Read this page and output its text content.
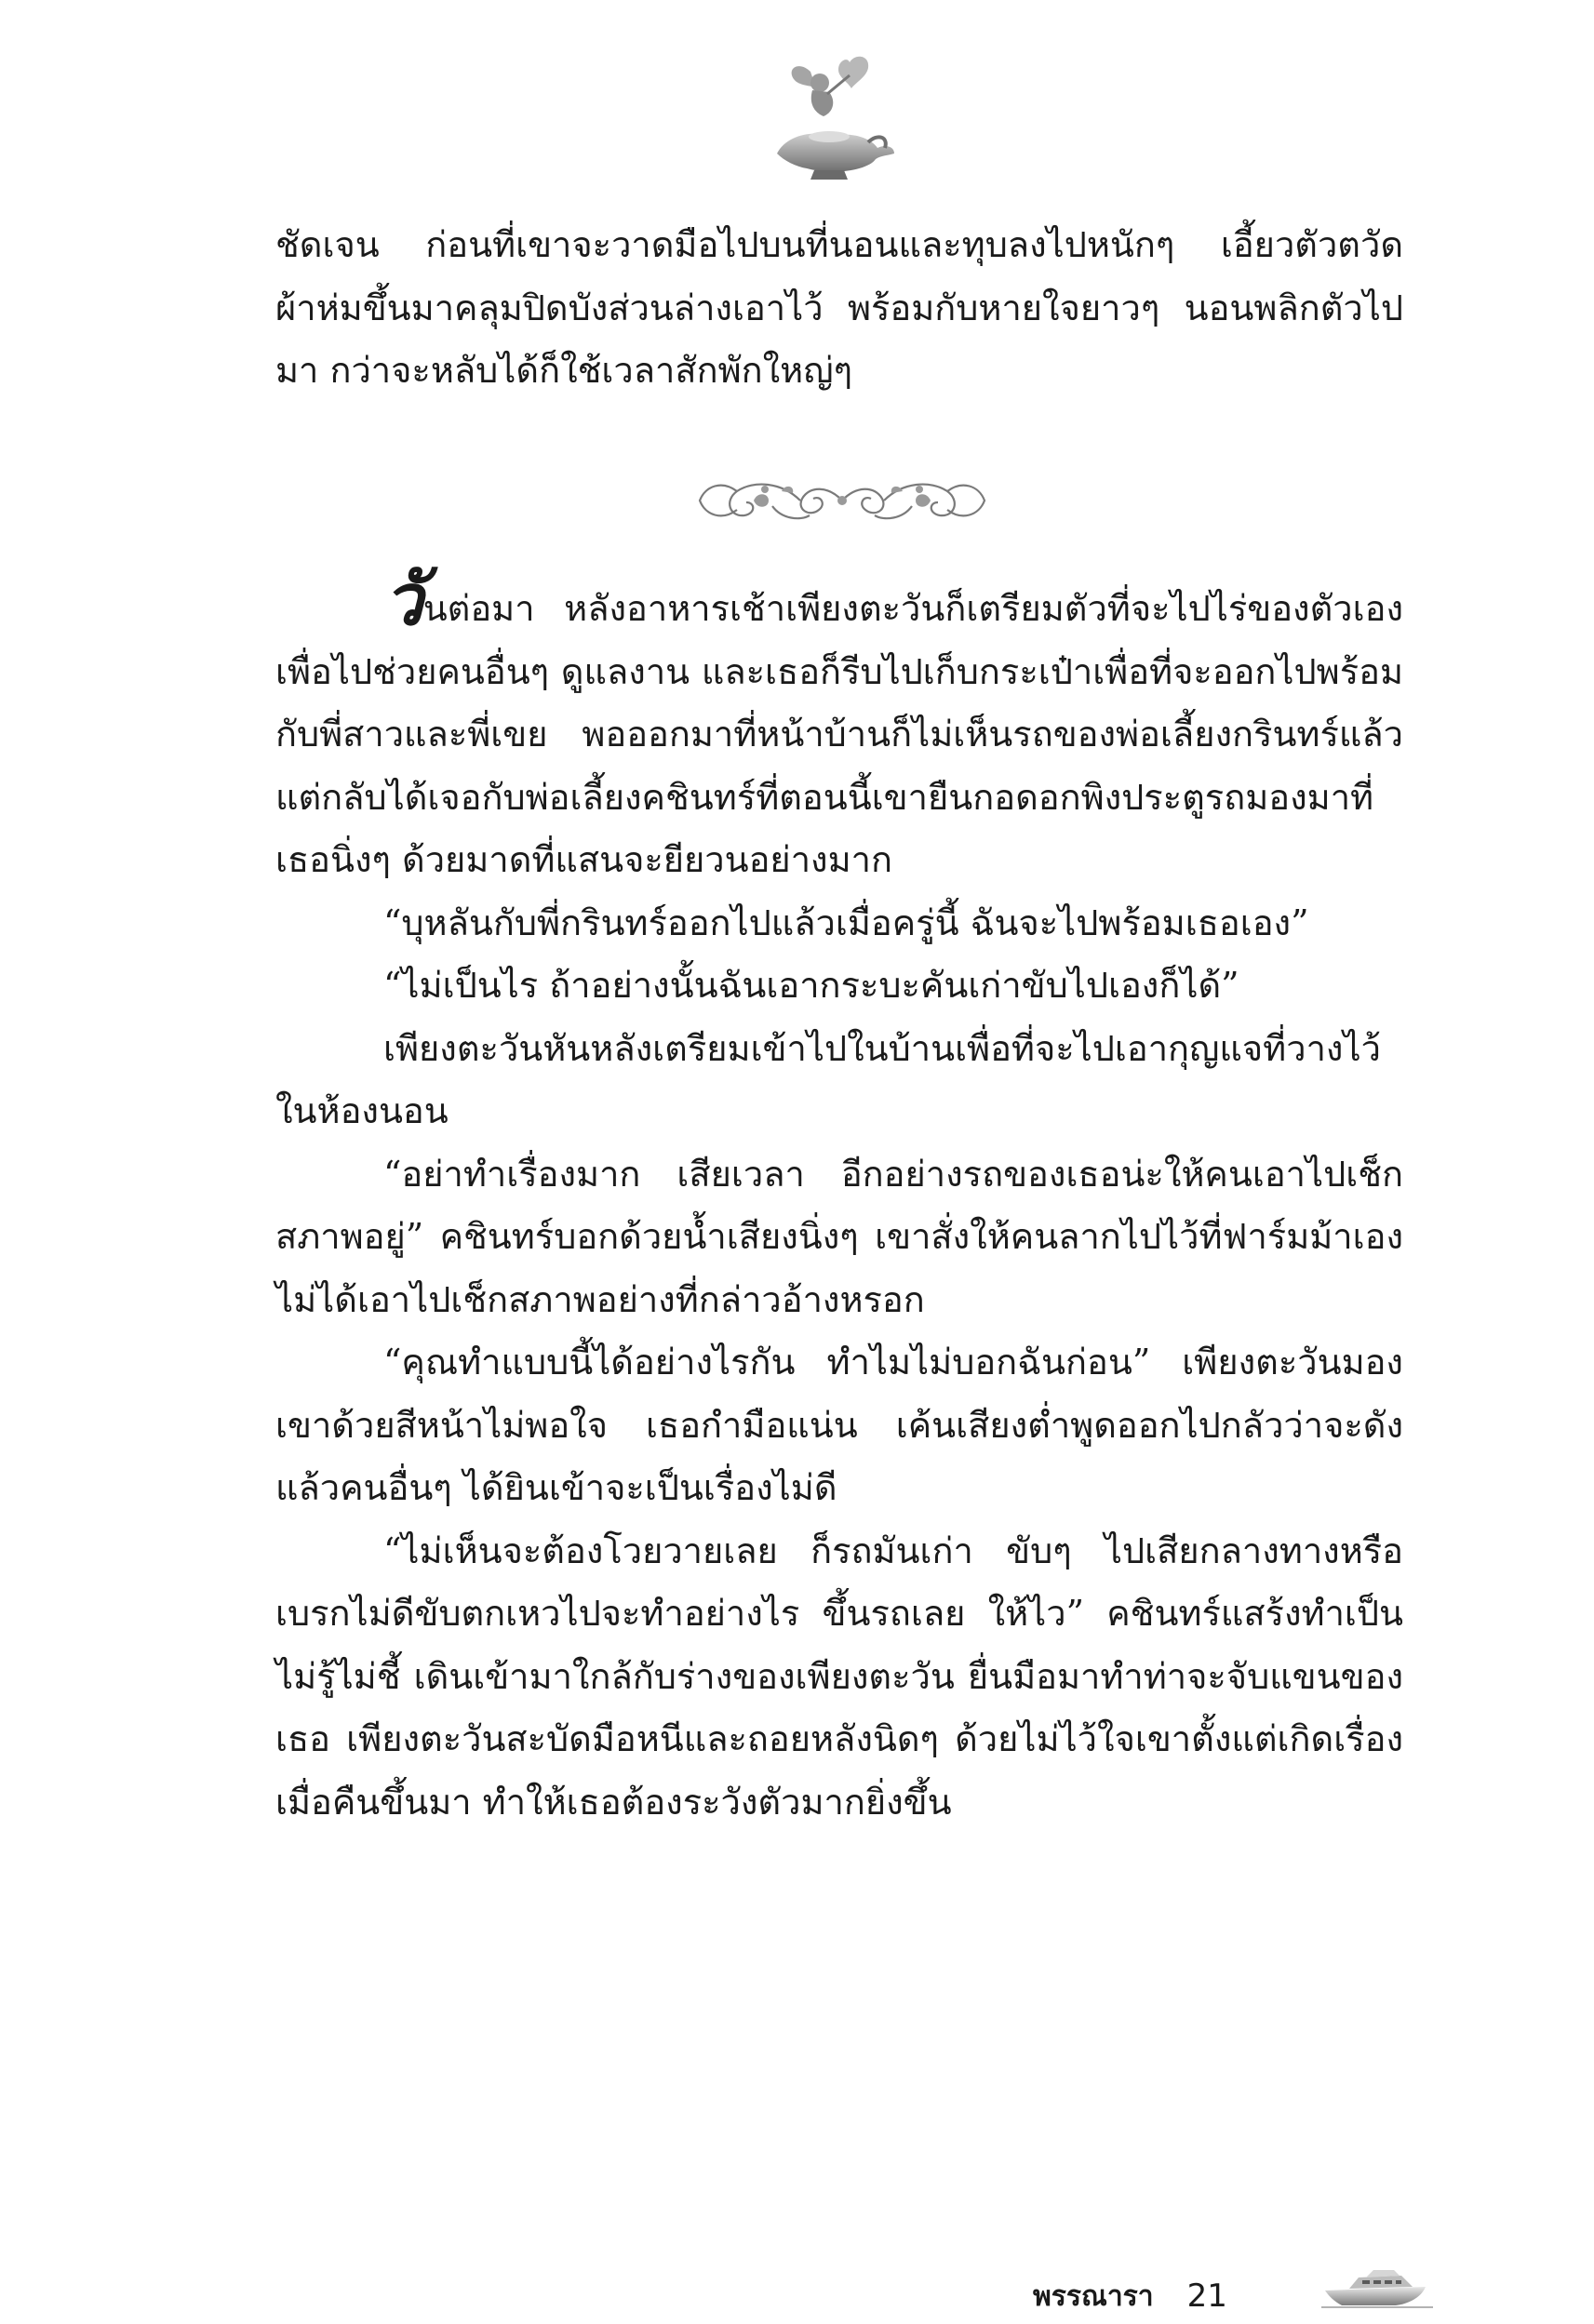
ชัดเจน ก่อนที่เขาจะวาดมือไปบนที่นอนและทุบลงไปหนักๆ เอี้ยวตัวตวัดผ้าห่มขึ้นมาคลุมปิดบังส่วนล่างเอาไว้ พร้อมกับหายใจยาวๆ นอนพลิกตัวไปมา กว่าจะหลับได้ก็ใช้เวลาสักพักใหญ่ๆ

วันต่อมา หลังอาหารเช้าเพียงตะวันก็เตรียมตัวที่จะไปไร่ของตัวเองเพื่อไปช่วยคนอื่นๆ ดูแลงาน และเธอก็รีบไปเก็บกระเป๋าเพื่อที่จะออกไปพร้อมกับพี่สาวและพี่เขย พอออกมาที่หน้าบ้านก็ไม่เห็นรถของพ่อเลี้ยงกรินทร์แล้ว แต่กลับได้เจอกับพ่อเลี้ยงคชินทร์ที่ตอนนี้เขายืนกอดอกพิงประตูรถมองมาที่เธอนิ่งๆ ด้วยมาดที่แสนจะยียวนอย่างมาก

“บุหลันกับพี่กรินทร์ออกไปแล้วเมื่อครู่นี้ ฉันจะไปพร้อมเธอเอง”

“ไม่เป็นไร ถ้าอย่างนั้นฉันเอากระบะคันเก่าขับไปเองก็ได้”

เพียงตะวันหันหลังเตรียมเข้าไปในบ้านเพื่อที่จะไปเอากุญแจที่วางไว้ในห้องนอน

“อย่าทำเรื่องมาก เสียเวลา อีกอย่างรถของเธอน่ะให้คนเอาไปเช็กสภาพอยู่” คชินทร์บอกด้วยน้ำเสียงนิ่งๆ เขาสั่งให้คนลากไปไว้ที่ฟาร์มม้าเอง ไม่ได้เอาไปเช็กสภาพอย่างที่กล่าวอ้างหรอก

“คุณทำแบบนี้ได้อย่างไรกัน ทำไมไม่บอกฉันก่อน” เพียงตะวันมองเขาด้วยสีหน้าไม่พอใจ เธอกำมือแน่น เค้นเสียงต่ำพูดออกไปกลัวว่าจะดังแล้วคนอื่นๆ ได้ยินเข้าจะเป็นเรื่องไม่ดี

“ไม่เห็นจะต้องโวยวายเลย ก็รถมันเก่า ขับๆ ไปเสียกลางทางหรือเบรกไม่ดีขับตกเหวไปจะทำอย่างไร ขึ้นรถเลย ให้ไว” คชินทร์แสร้งทำเป็นไม่รู้ไม่ชี้ เดินเข้ามาใกล้กับร่างของเพียงตะวัน ยื่นมือมาทำท่าจะจับแขนของเธอ เพียงตะวันสะบัดมือหนีและถอยหลังนิดๆ ด้วยไม่ไว้ใจเขาตั้งแต่เกิดเรื่องเมื่อคืนขึ้นมา ทำให้เธอต้องระวังตัวมากยิ่งขึ้น

พรรณารา 21
